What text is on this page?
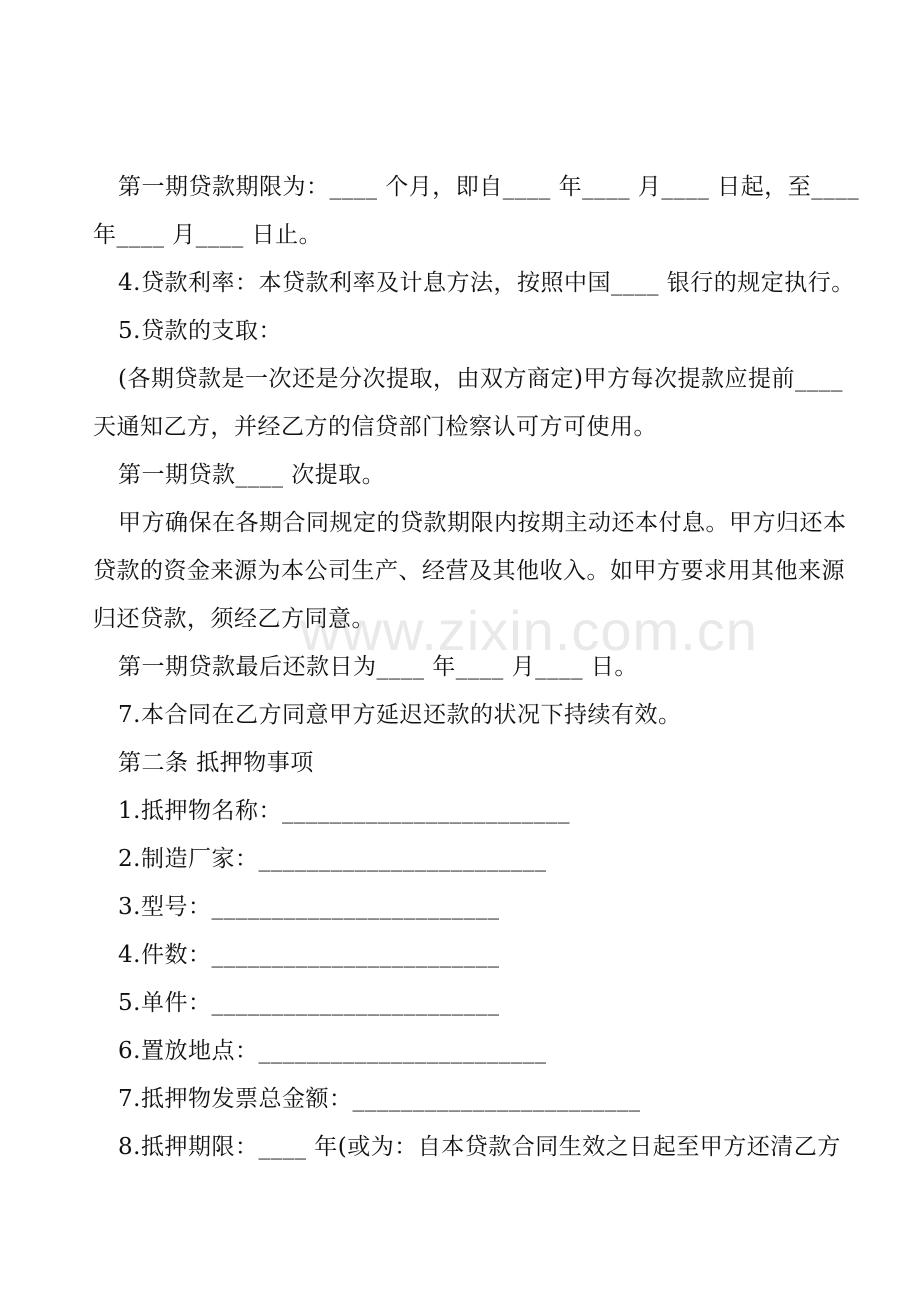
www.zixin.com.cn
第一期贷款期限为：____ 个月，即自____ 年____ 月____ 日起，至____
年____ 月____ 日止。
4.贷款利率：本贷款利率及计息方法，按照中国____ 银行的规定执行。
5.贷款的支取：
(各期贷款是一次还是分次提取，由双方商定)甲方每次提款应提前____
天通知乙方，并经乙方的信贷部门检察认可方可使用。
第一期贷款____ 次提取。
甲方确保在各期合同规定的贷款期限内按期主动还本付息。甲方归还本
贷款的资金来源为本公司生产、经营及其他收入。如甲方要求用其他来源
归还贷款，须经乙方同意。
第一期贷款最后还款日为____ 年____ 月____ 日。
7.本合同在乙方同意甲方延迟还款的状况下持续有效。
第二条 抵押物事项
1.抵押物名称：________________________
2.制造厂家：________________________
3.型号：________________________
4.件数：________________________
5.单件：________________________
6.置放地点：________________________
7.抵押物发票总金额：________________________
8.抵押期限：____ 年(或为：自本贷款合同生效之日起至甲方还清乙方
